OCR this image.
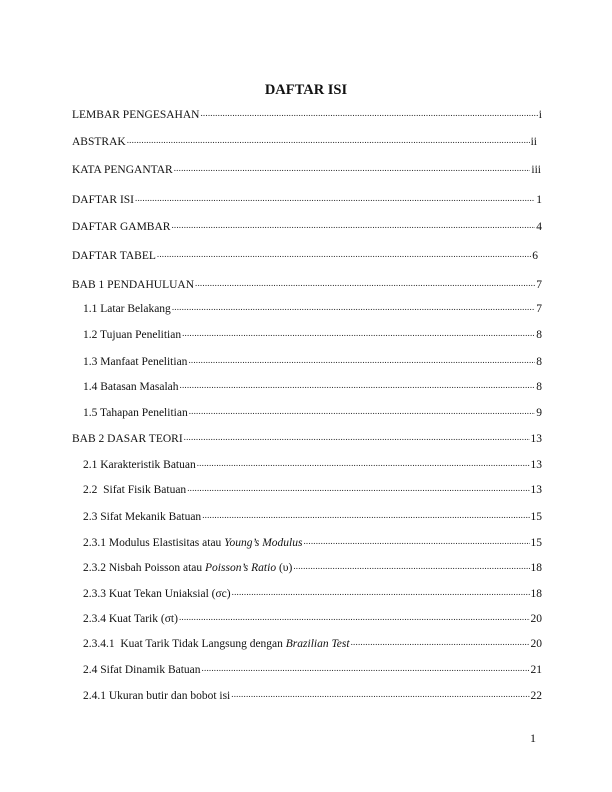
DAFTAR ISI
LEMBAR PENGESAHAN .....	i
ABSTRAK .....	ii
KATA PENGANTAR .....	iii
DAFTAR ISI .....	1
DAFTAR GAMBAR .....	4
DAFTAR TABEL .....	6
BAB 1 PENDAHULUAN .....	7
1.1 Latar Belakang .....	7
1.2 Tujuan Penelitian .....	8
1.3 Manfaat Penelitian .....	8
1.4 Batasan Masalah .....	8
1.5 Tahapan Penelitian .....	9
BAB 2 DASAR TEORI .....	13
2.1 Karakteristik Batuan .....	13
2.2  Sifat Fisik Batuan .....	13
2.3 Sifat Mekanik Batuan .....	15
2.3.1 Modulus Elastisitas atau Young’s Modulus .....	15
2.3.2 Nisbah Poisson atau Poisson’s Ratio (υ) .....	18
2.3.3 Kuat Tekan Uniaksial (σc) .....	18
2.3.4 Kuat Tarik (σt) .....	20
2.3.4.1  Kuat Tarik Tidak Langsung dengan Brazilian Test .....	20
2.4 Sifat Dinamik Batuan .....	21
2.4.1 Ukuran butir dan bobot isi .....	22
1
